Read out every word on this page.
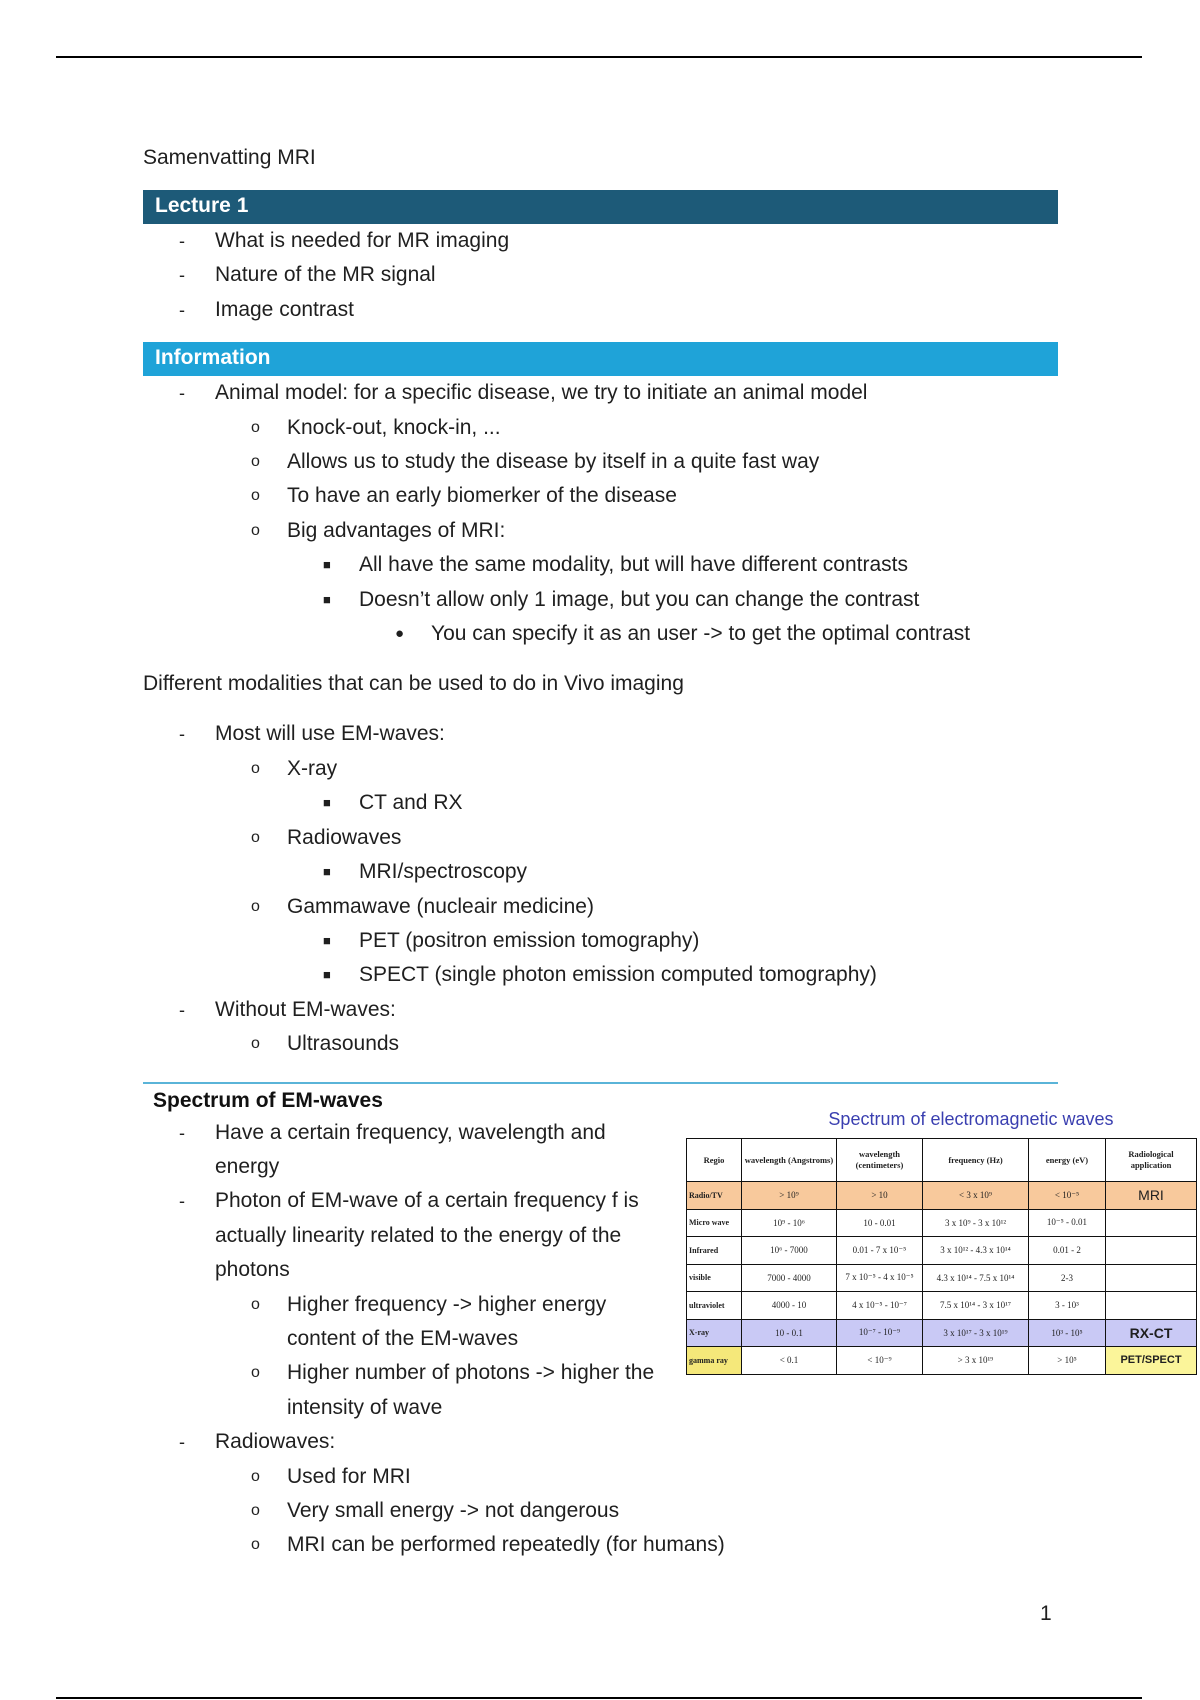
Samenvatting MRI
Lecture 1
- What is needed for MR imaging
- Nature of the MR signal
- Image contrast
Information
- Animal model: for a specific disease, we try to initiate an animal model
o Knock-out, knock-in, ...
o Allows us to study the disease by itself in a quite fast way
o To have an early biomerker of the disease
o Big advantages of MRI:
■ All have the same modality, but will have different contrasts
■ Doesn’t allow only 1 image, but you can change the contrast
● You can specify it as an user -> to get the optimal contrast
Different modalities that can be used to do in Vivo imaging
- Most will use EM-waves:
o X-ray
■ CT and RX
o Radiowaves
■ MRI/spectroscopy
o Gammawave (nucleair medicine)
■ PET (positron emission tomography)
■ SPECT (single photon emission computed tomography)
- Without EM-waves:
o Ultrasounds
Spectrum of EM-waves
- Have a certain frequency, wavelength and energy
- Photon of EM-wave of a certain frequency f is actually linearity related to the energy of the photons
o Higher frequency -> higher energy content of the EM-waves
o Higher number of photons -> higher the intensity of wave
- Radiowaves:
o Used for MRI
o Very small energy -> not dangerous
o MRI can be performed repeatedly (for humans)
Spectrum of electromagnetic waves
Regio	wavelength (Angstroms)	wavelength (centimeters)	frequency (Hz)	energy (eV)	Radiological application
Radio/TV	> 10⁹	> 10	< 3 x 10⁹	< 10⁻⁵	MRI
Micro wave	10⁹ - 10⁶	10 - 0.01	3 x 10⁹ - 3 x 10¹²	10⁻⁵ - 0.01	
Infrared	10⁶ - 7000	0.01 - 7 x 10⁻⁵	3 x 10¹² - 4.3 x 10¹⁴	0.01 - 2	
visible	7000 - 4000	7 x 10⁻⁵ - 4 x 10⁻⁵	4.3 x 10¹⁴ - 7.5 x 10¹⁴	2-3	
ultraviolet	4000 - 10	4 x 10⁻⁵ - 10⁻⁷	7.5 x 10¹⁴ - 3 x 10¹⁷	3 - 10³	
X-ray	10 - 0.1	10⁻⁷ - 10⁻⁹	3 x 10¹⁷ - 3 x 10¹⁹	10³ - 10⁵	RX-CT
gamma ray	< 0.1	< 10⁻⁹	> 3 x 10¹⁹	> 10⁵	PET/SPECT
1
